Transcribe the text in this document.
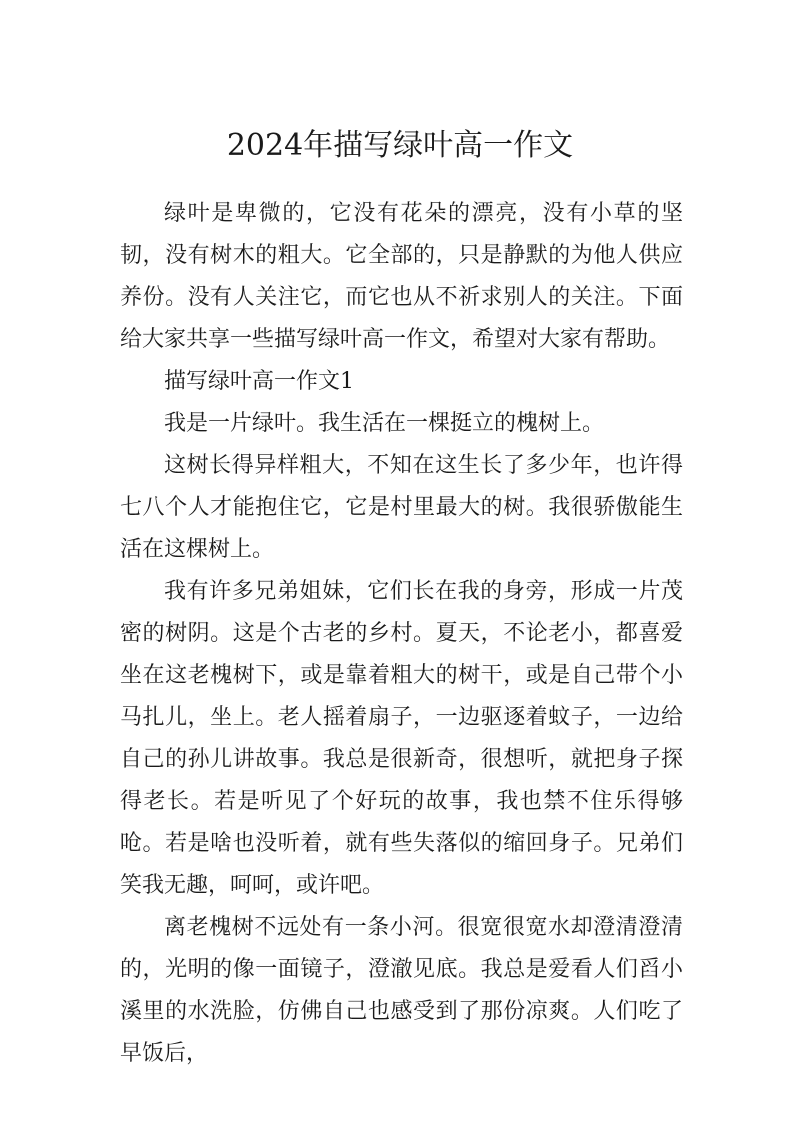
2024年描写绿叶高一作文

绿叶是卑微的，它没有花朵的漂亮，没有小草的坚韧，没有树木的粗大。它全部的，只是静默的为他人供应养份。没有人关注它，而它也从不祈求别人的关注。下面给大家共享一些描写绿叶高一作文，希望对大家有帮助。

描写绿叶高一作文1

我是一片绿叶。我生活在一棵挺立的槐树上。

这树长得异样粗大，不知在这生长了多少年，也许得七八个人才能抱住它，它是村里最大的树。我很骄傲能生活在这棵树上。

我有许多兄弟姐妹，它们长在我的身旁，形成一片茂密的树阴。这是个古老的乡村。夏天，不论老小，都喜爱坐在这老槐树下，或是靠着粗大的树干，或是自己带个小马扎儿，坐上。老人摇着扇子，一边驱逐着蚊子，一边给自己的孙儿讲故事。我总是很新奇，很想听，就把身子探得老长。若是听见了个好玩的故事，我也禁不住乐得够呛。若是啥也没听着，就有些失落似的缩回身子。兄弟们笑我无趣，呵呵，或许吧。

离老槐树不远处有一条小河。很宽很宽水却澄清澄清的，光明的像一面镜子，澄澈见底。我总是爱看人们舀小溪里的水洗脸，仿佛自己也感受到了那份凉爽。人们吃了早饭后，
